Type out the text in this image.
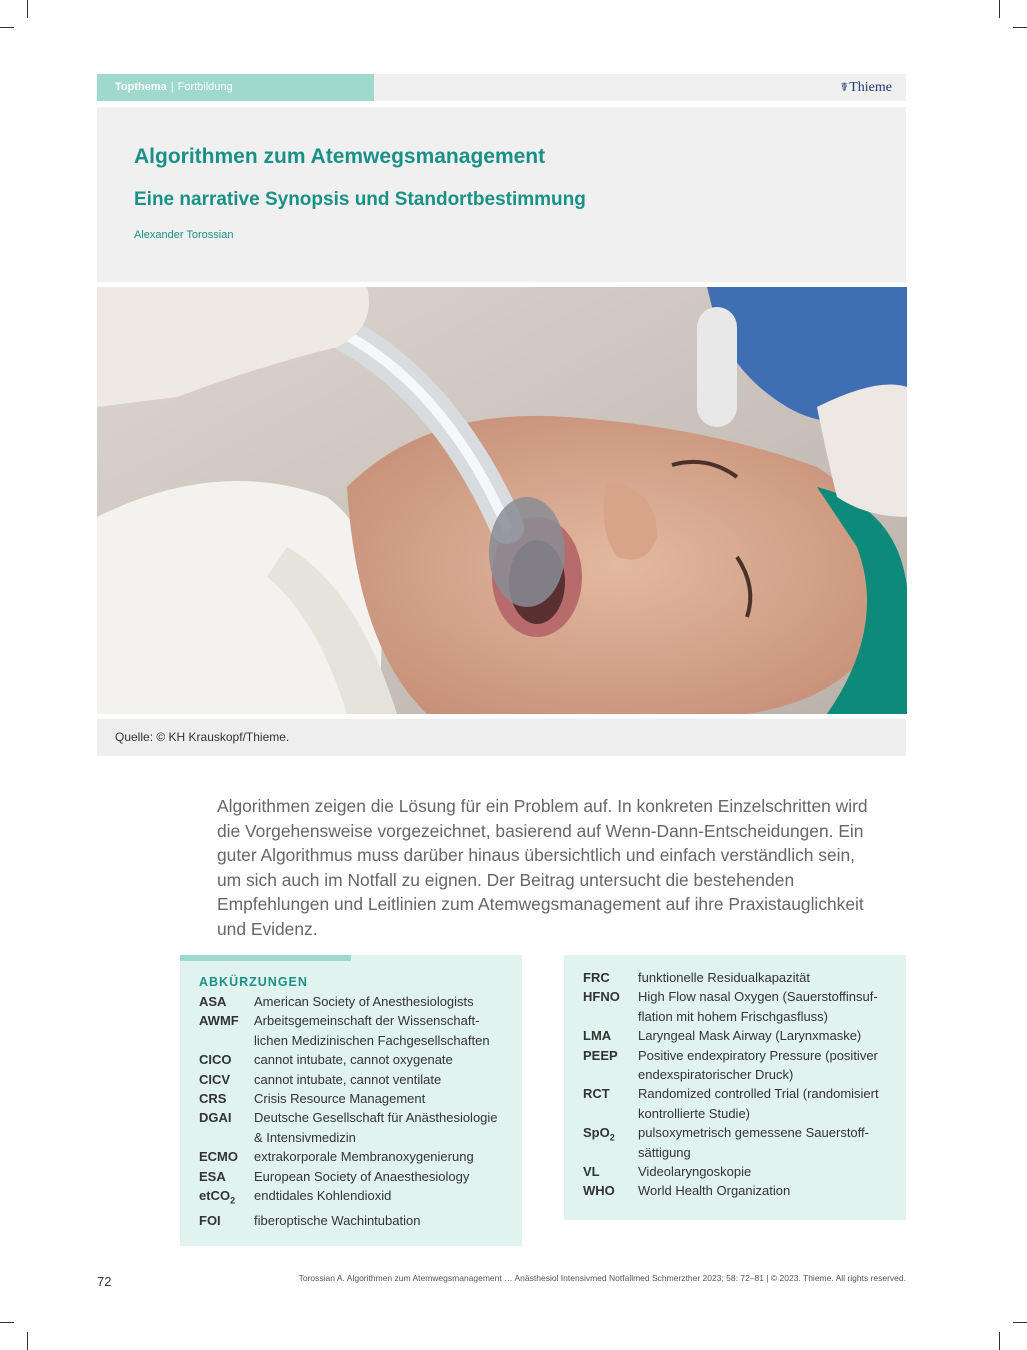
Topthema | Fortbildung	☤Thieme
Algorithmen zum Atemwegsmanagement
Eine narrative Synopsis und Standortbestimmung
Alexander Torossian
Quelle: © KH Krauskopf/Thieme.

Algorithmen zeigen die Lösung für ein Problem auf. In konkreten Einzelschritten wird die Vorgehensweise vorgezeichnet, basierend auf Wenn-Dann-Entscheidungen. Ein guter Algorithmus muss darüber hinaus übersichtlich und einfach verständlich sein, um sich auch im Notfall zu eignen. Der Beitrag untersucht die bestehenden Empfehlungen und Leitlinien zum Atemwegsmanagement auf ihre Praxistauglichkeit und Evidenz.

ABKÜRZUNGEN
ASA	American Society of Anesthesiologists
AWMF	Arbeitsgemeinschaft der Wissenschaft-lichen Medizinischen Fachgesellschaften
CICO	cannot intubate, cannot oxygenate
CICV	cannot intubate, cannot ventilate
CRS	Crisis Resource Management
DGAI	Deutsche Gesellschaft für Anästhesiologie & Intensivmedizin
ECMO	extrakorporale Membranoxygenierung
ESA	European Society of Anaesthesiology
etCO$_2$	endtidales Kohlendioxid
FOI	fiberoptische Wachintubation
FRC	funktionelle Residualkapazität
HFNO	High Flow nasal Oxygen (Sauerstoffinsuf-flation mit hohem Frischgasfluss)
LMA	Laryngeal Mask Airway (Larynxmaske)
PEEP	Positive endexpiratory Pressure (positiver endexspiratorischer Druck)
RCT	Randomized controlled Trial (randomisiert kontrollierte Studie)
SpO$_2$	pulsoxymetrisch gemessene Sauerstoff-sättigung
VL	Videolaryngoskopie
WHO	World Health Organization
72	Torossian A. Algorithmen zum Atemwegsmanagement … Anästhesiol Intensivmed Notfallmed Schmerzther 2023; 58: 72–81 | © 2023. Thieme. All rights reserved.
